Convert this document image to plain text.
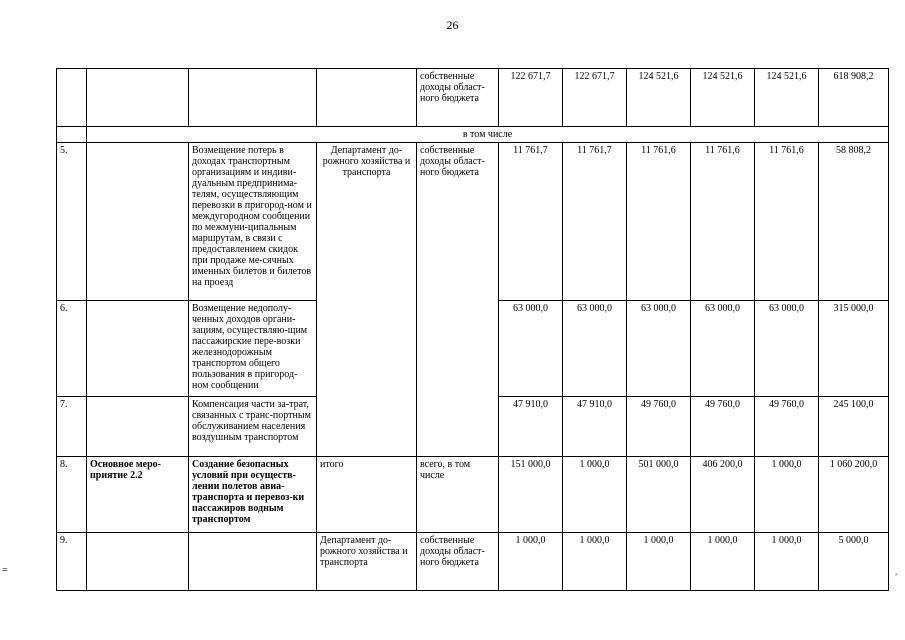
26
=
				собственные доходы област-ного бюджета	122 671,7	122 671,7	124 521,6	124 521,6	124 521,6	618 908,2
	в том числе									
5.		Возмещение потерь в доходах транспортным организациям и индиви-дуальным предпринима-телям, осуществляющим перевозки в пригород-ном и междугородном сообщении по межмуни-ципальным маршрутам, в связи с предоставлением скидок при продаже ме-сячных именных билетов и билетов на проезд	Департамент до-рожного хозяйства и транспорта	собственные доходы област-ного бюджета	11 761,7	11 761,7	11 761,6	11 761,6	11 761,6	58 808,2
6.		Возмещение недополу-ченных доходов органи-зациям, осуществляю-щим пассажирские пере-возки железнодорожным транспортом общего пользования в пригород-ном сообщении			63 000,0	63 000,0	63 000,0	63 000,0	63 000,0	315 000,0
7.		Компенсация части за-трат, связанных с транс-портным обслуживанием населения воздушным транспортом			47 910,0	47 910,0	49 760,0	49 760,0	49 760,0	245 100,0
8.	Основное меро-приятие 2.2	Создание безопасных условий при осуществ-лении полетов авиа-транспорта и перевоз-ки пассажиров водным транспортом	итого	всего, в том числе	151 000,0	1 000,0	501 000,0	406 200,0	1 000,0	1 060 200,0
9.			Департамент до-рожного хозяйства и транспорта	собственные доходы област-ного бюджета	1 000,0	1 000,0	1 000,0	1 000,0	1 000,0	5 000,0
